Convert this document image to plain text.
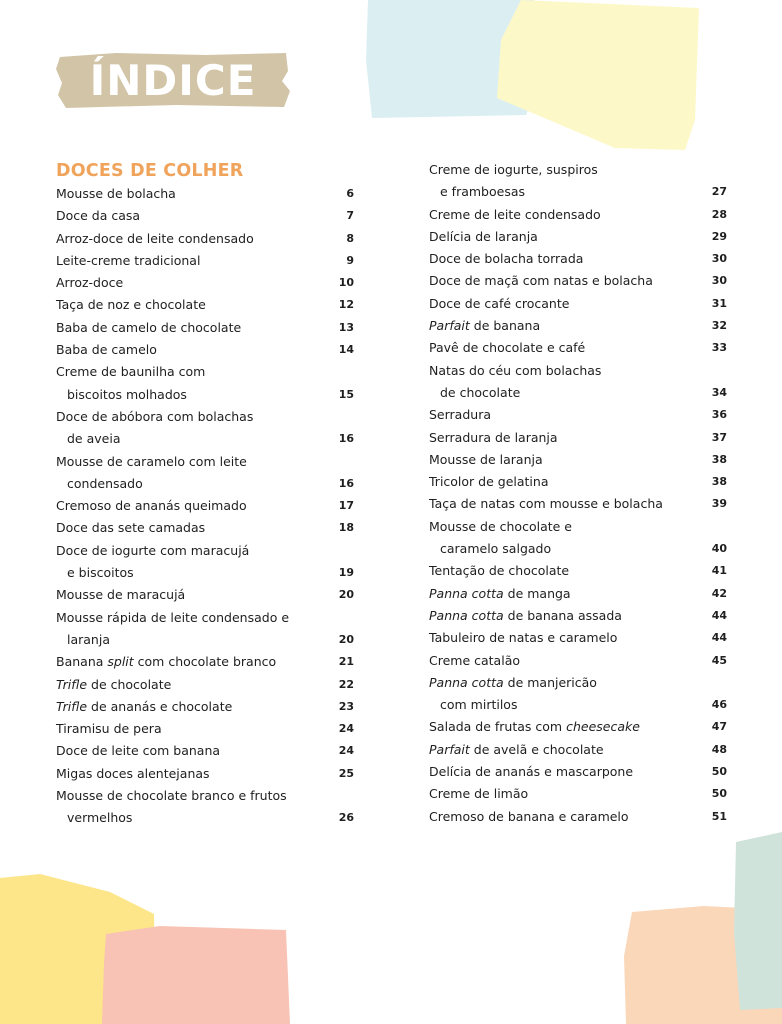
ÍNDICE
DOCES DE COLHER
Mousse de bolacha	6
Doce da casa	7
Arroz-doce de leite condensado	8
Leite-creme tradicional	9
Arroz-doce	10
Taça de noz e chocolate	12
Baba de camelo de chocolate	13
Baba de camelo	14
Creme de baunilha com
biscoitos molhados	15
Doce de abóbora com bolachas
de aveia	16
Mousse de caramelo com leite
condensado	16
Cremoso de ananás queimado	17
Doce das sete camadas	18
Doce de iogurte com maracujá
e biscoitos	19
Mousse de maracujá	20
Mousse rápida de leite condensado e
laranja	20
Banana split com chocolate branco	21
Trifle de chocolate	22
Trifle de ananás e chocolate	23
Tiramisu de pera	24
Doce de leite com banana	24
Migas doces alentejanas	25
Mousse de chocolate branco e frutos
vermelhos	26
Creme de iogurte, suspiros
e framboesas	27
Creme de leite condensado	28
Delícia de laranja	29
Doce de bolacha torrada	30
Doce de maçã com natas e bolacha	30
Doce de café crocante	31
Parfait de banana	32
Pavê de chocolate e café	33
Natas do céu com bolachas
de chocolate	34
Serradura	36
Serradura de laranja	37
Mousse de laranja	38
Tricolor de gelatina	38
Taça de natas com mousse e bolacha	39
Mousse de chocolate e
caramelo salgado	40
Tentação de chocolate	41
Panna cotta de manga	42
Panna cotta de banana assada	44
Tabuleiro de natas e caramelo	44
Creme catalão	45
Panna cotta de manjericão
com mirtilos	46
Salada de frutas com cheesecake	47
Parfait de avelã e chocolate	48
Delícia de ananás e mascarpone	50
Creme de limão	50
Cremoso de banana e caramelo	51
